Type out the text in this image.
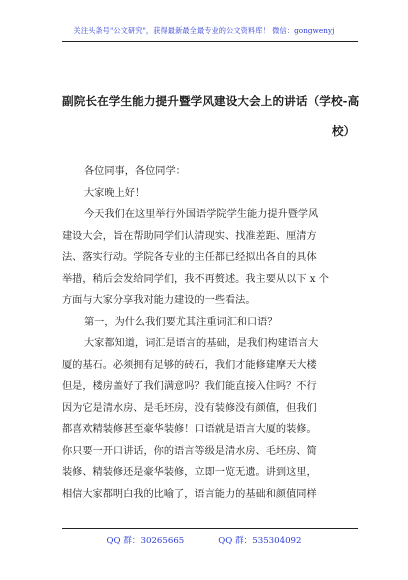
关注头条号"公文研究"，获得最新最全最专业的公文资料库！ 微信：gongwenyj
副院长在学生能力提升暨学风建设大会上的讲话（学校-高
校）
各位同事，各位同学：
大家晚上好！
今天我们在这里举行外国语学院学生能力提升暨学风
建设大会，旨在帮助同学们认清现实、找准差距、厘清方
法、落实行动。学院各专业的主任都已经拟出各自的具体
举措，稍后会发给同学们，我不再赘述。我主要从以下 x 个
方面与大家分享我对能力建设的一些看法。
第一，为什么我们要尤其注重词汇和口语？
大家都知道，词汇是语言的基础，是我们构建语言大
厦的基石。必须拥有足够的砖石，我们才能修建摩天大楼
但是，楼房盖好了我们满意吗？我们能直接入住吗？不行
因为它是清水房、是毛坯房，没有装修没有颜值，但我们
都喜欢精装修甚至豪华装修！口语就是语言大厦的装修。
你只要一开口讲话，你的语言等级是清水房、毛坯房、简
装修、精装修还是豪华装修，立即一览无遗。讲到这里，
相信大家都明白我的比喻了，语言能力的基础和颜值同样
QQ 群：30265665	QQ 群：535304092
